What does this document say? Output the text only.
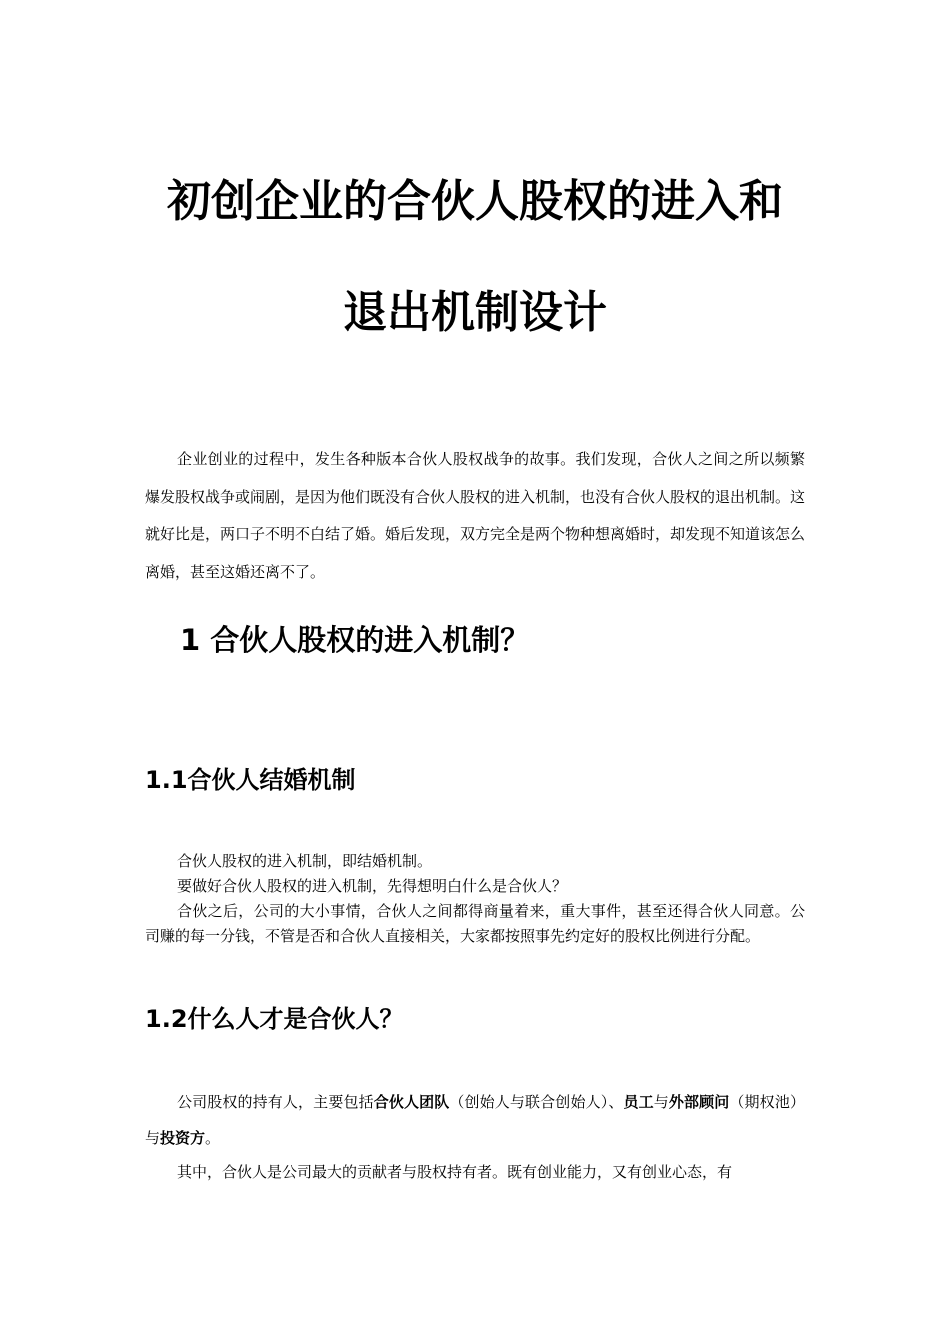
初创企业的合伙人股权的进入和
退出机制设计

企业创业的过程中，发生各种版本合伙人股权战争的故事。我们发现，合伙人之间之所以频繁爆发股权战争或闹剧，是因为他们既没有合伙人股权的进入机制，也没有合伙人股权的退出机制。这就好比是，两口子不明不白结了婚。婚后发现，双方完全是两个物种想离婚时，却发现不知道该怎么离婚，甚至这婚还离不了。

1 合伙人股权的进入机制？
1.1合伙人结婚机制

合伙人股权的进入机制，即结婚机制。

要做好合伙人股权的进入机制，先得想明白什么是合伙人？

合伙之后，公司的大小事情，合伙人之间都得商量着来，重大事件，甚至还得合伙人同意。公司赚的每一分钱，不管是否和合伙人直接相关，大家都按照事先约定好的股权比例进行分配。

1.2什么人才是合伙人？

公司股权的持有人，主要包括合伙人团队（创始人与联合创始人）、员工与外部顾问（期权池）与投资方。

其中，合伙人是公司最大的贡献者与股权持有者。既有创业能力，又有创业心态，有
